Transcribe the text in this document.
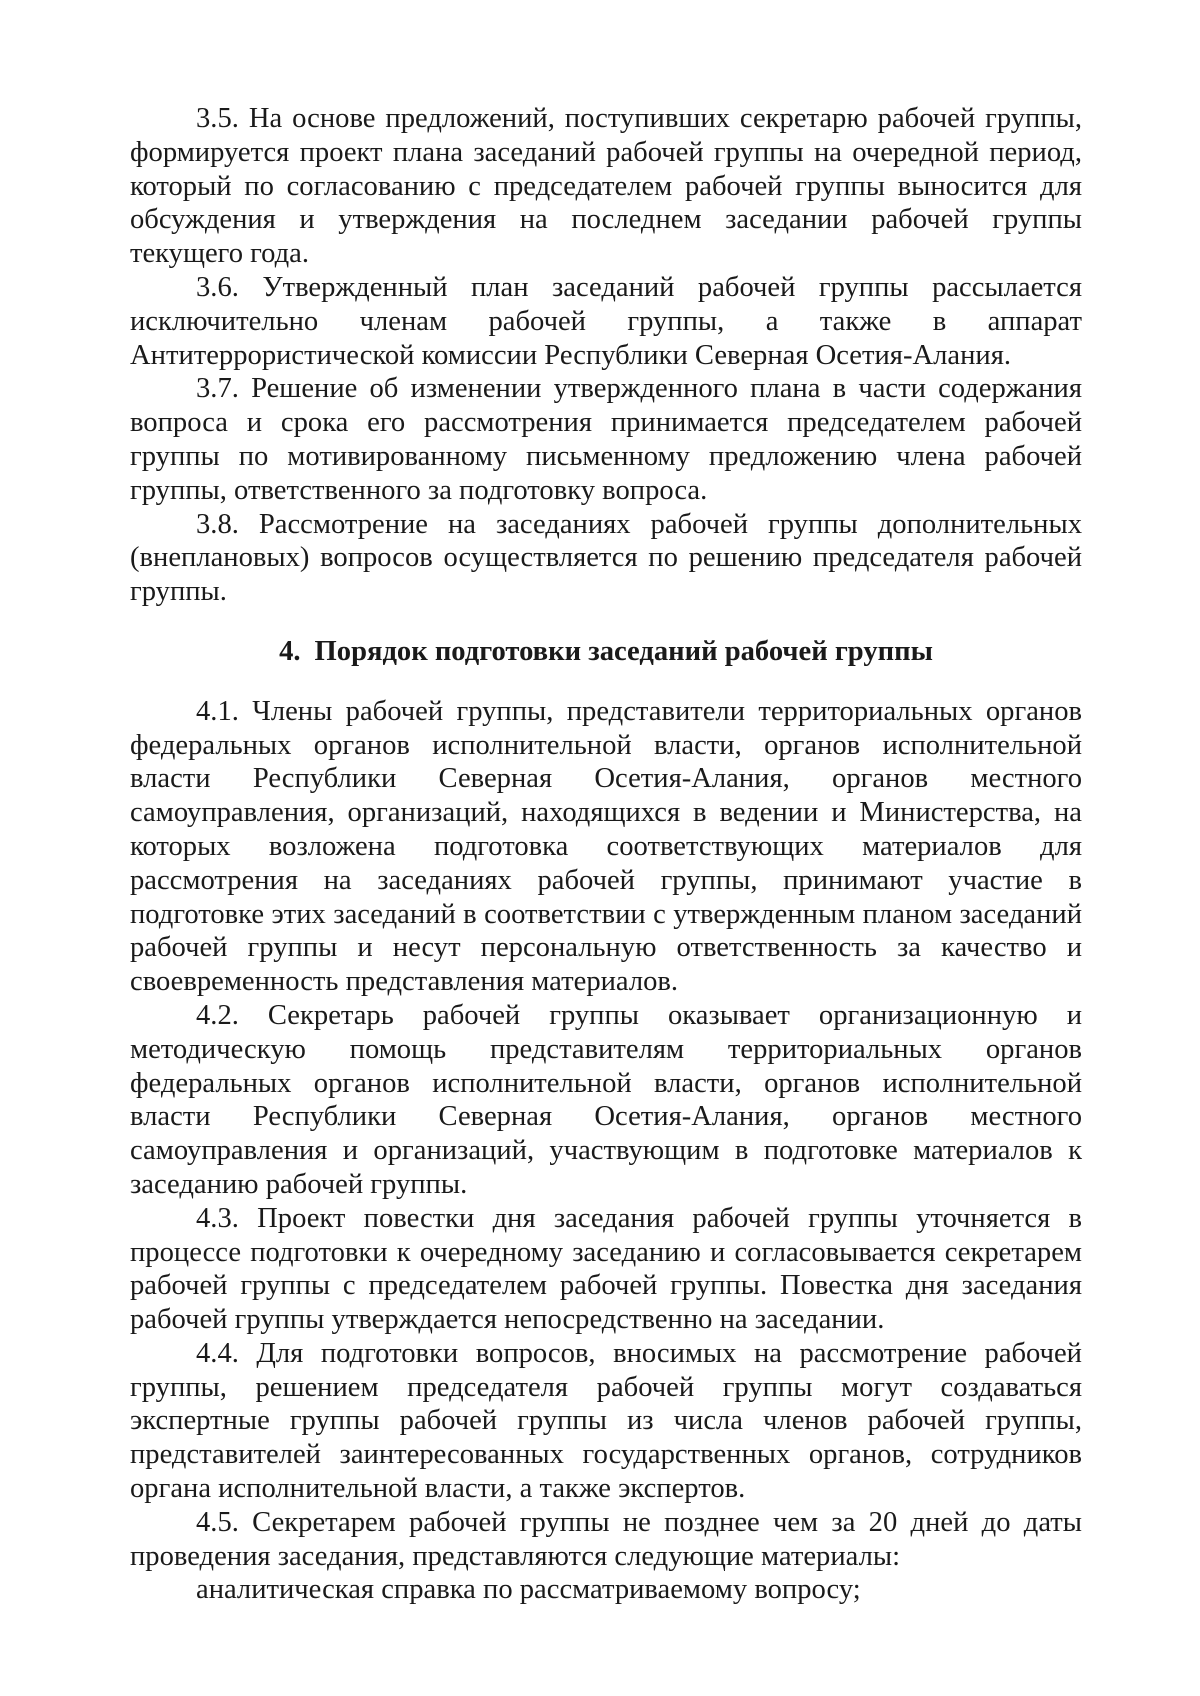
3.5. На основе предложений, поступивших секретарю рабочей группы, формируется проект плана заседаний рабочей группы на очередной период, который по согласованию с председателем рабочей группы выносится для обсуждения и утверждения на последнем заседании рабочей группы текущего года.

3.6. Утвержденный план заседаний рабочей группы рассылается исключительно членам рабочей группы, а также в аппарат Антитеррористической комиссии Республики Северная Осетия-Алания.

3.7. Решение об изменении утвержденного плана в части содержания вопроса и срока его рассмотрения принимается председателем рабочей группы по мотивированному письменному предложению члена рабочей группы, ответственного за подготовку вопроса.

3.8. Рассмотрение на заседаниях рабочей группы дополнительных (внеплановых) вопросов осуществляется по решению председателя рабочей группы.

4. Порядок подготовки заседаний рабочей группы

4.1. Члены рабочей группы, представители территориальных органов федеральных органов исполнительной власти, органов исполнительной власти Республики Северная Осетия-Алания, органов местного самоуправления, организаций, находящихся в ведении и Министерства, на которых возложена подготовка соответствующих материалов для рассмотрения на заседаниях рабочей группы, принимают участие в подготовке этих заседаний в соответствии с утвержденным планом заседаний рабочей группы и несут персональную ответственность за качество и своевременность представления материалов.

4.2. Секретарь рабочей группы оказывает организационную и методическую помощь представителям территориальных органов федеральных органов исполнительной власти, органов исполнительной власти Республики Северная Осетия-Алания, органов местного самоуправления и организаций, участвующим в подготовке материалов к заседанию рабочей группы.

4.3. Проект повестки дня заседания рабочей группы уточняется в процессе подготовки к очередному заседанию и согласовывается секретарем рабочей группы с председателем рабочей группы. Повестка дня заседания рабочей группы утверждается непосредственно на заседании.

4.4. Для подготовки вопросов, вносимых на рассмотрение рабочей группы, решением председателя рабочей группы могут создаваться экспертные группы рабочей группы из числа членов рабочей группы, представителей заинтересованных государственных органов, сотрудников органа исполнительной власти, а также экспертов.

4.5. Секретарем рабочей группы не позднее чем за 20 дней до даты проведения заседания, представляются следующие материалы:

аналитическая справка по рассматриваемому вопросу;
